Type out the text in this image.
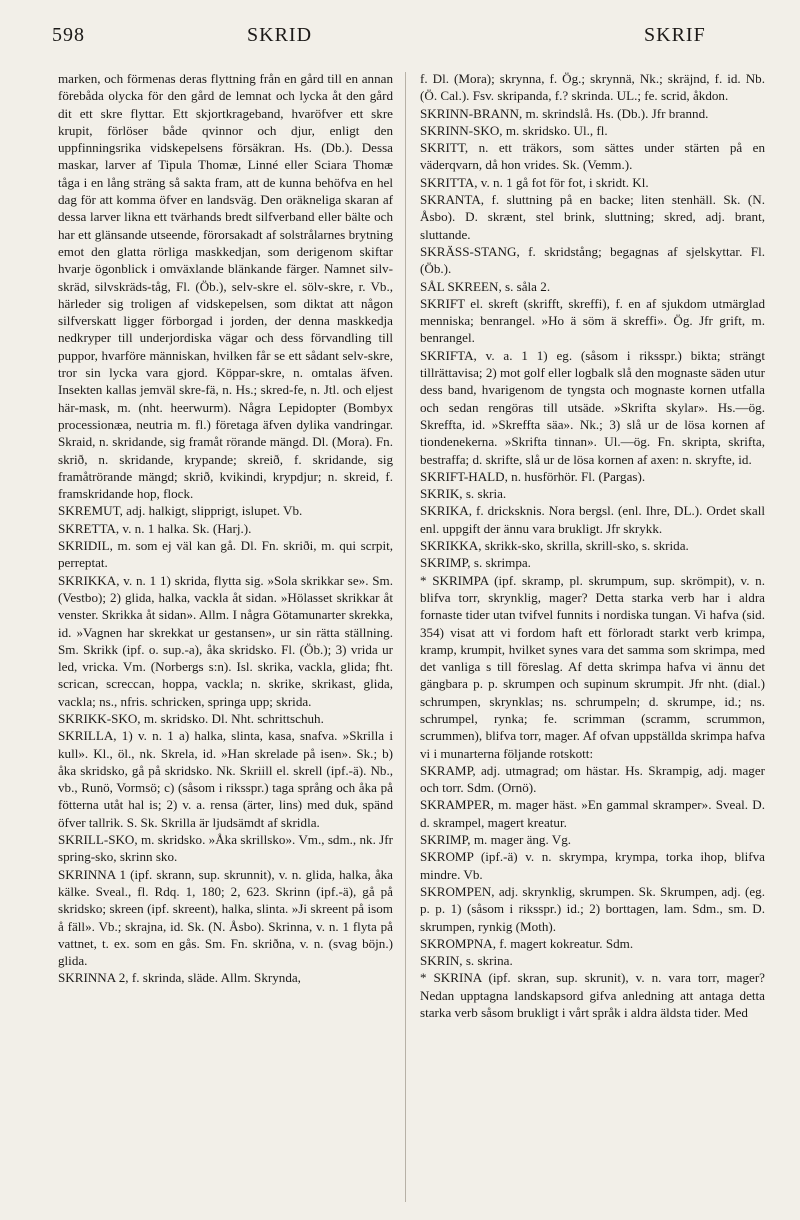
598	SKRID	SKRIF

marken, och förmenas deras flyttning från en gård till en annan förebåda olycka för den gård de lemnat och lycka åt den gård dit ett skre flyttar. Ett skjortkrageband, hvaröfver ett skre krupit, förlöser både qvinnor och djur, enligt den uppfinningsrika vidskepelsens försäkran. Hs. (Db.). Dessa maskar, larver af Tipula Thomæ, Linné eller Sciara Thomæ tåga i en lång sträng så sakta fram, att de kunna behöfva en hel dag för att komma öfver en landsväg. Den oräkneliga skaran af dessa larver likna ett tvärhands bredt silfverband eller bälte och har ett glänsande utseende, förorsakadt af solstrålarnes brytning emot den glatta rörliga maskkedjan, som derigenom skiftar hvarje ögonblick i omväxlande blänkande färger. Namnet silv-skräd, silvskräds-tåg, Fl. (Öb.), selv-skre el. sölv-skre, r. Vb., härleder sig troligen af vidskepelsen, som diktat att någon silfverskatt ligger förborgad i jorden, der denna maskkedja nedkryper till underjordiska vägar och dess förvandling till puppor, hvarföre människan, hvilken får se ett sådant selv-skre, tror sin lycka vara gjord. Köppar-skre, n. omtalas äfven. Insekten kallas jemväl skre-fä, n. Hs.; skred-fe, n. Jtl. och eljest här-mask, m. (nht. heerwurm). Några Lepidopter (Bombyx processionæa, neutria m. fl.) företaga äfven dylika vandringar. Skraid, n. skridande, sig framåt rörande mängd. Dl. (Mora). Fn. skrið, n. skridande, krypande; skreið, f. skridande, sig framåtrörande mängd; skrið, kvikindi, krypdjur; n. skreid, f. framskridande hop, flock.

SKREMUT, adj. halkigt, slipprigt, islupet. Vb.

SKRETTA, v. n. 1 halka. Sk. (Harj.).

SKRIDIL, m. som ej väl kan gå. Dl. Fn. skriði, m. qui scrpit, perreptat.

SKRIKKA, v. n. 1 1) skrida, flytta sig. »Sola skrikkar se». Sm. (Vestbo); 2) glida, halka, vackla åt sidan. »Hölasset skrikkar åt venster. Skrikka åt sidan». Allm. I några Götamunarter skrekka, id. »Vagnen har skrekkat ur gestansen», ur sin rätta ställning. Sm. Skrikk (ipf. o. sup.-a), åka skridsko. Fl. (Öb.); 3) vrida ur led, vricka. Vm. (Norbergs s:n). Isl. skrika, vackla, glida; fht. scrican, screccan, hoppa, vackla; n. skrike, skrikast, glida, vackla; ns., nfris. schricken, springa upp; skrida.

SKRIKK-SKO, m. skridsko. Dl. Nht. schrittschuh.

SKRILLA, 1) v. n. 1 a) halka, slinta, kasa, snafva. »Skrilla i kull». Kl., öl., nk. Skrela, id. »Han skrelade på isen». Sk.; b) åka skridsko, gå på skridsko. Nk. Skriill el. skrell (ipf.-ä). Nb., vb., Runö, Vormsö; c) (såsom i riksspr.) taga språng och åka på fötterna utåt hal is; 2) v. a. rensa (ärter, lins) med duk, spänd öfver tallrik. S. Sk. Skrilla är ljudsämdt af skridla.

SKRILL-SKO, m. skridsko. »Åka skrillsko». Vm., sdm., nk. Jfr spring-sko, skrinn sko.

SKRINNA 1 (ipf. skrann, sup. skrunnit), v. n. glida, halka, åka kälke. Sveal., fl. Rdq. 1, 180; 2, 623. Skrinn (ipf.-ä), gå på skridsko; skreen (ipf. skreent), halka, slinta. »Ji skreent på isom å fäll». Vb.; skrajna, id. Sk. (N. Åsbo). Skrinna, v. n. 1 flyta på vattnet, t. ex. som en gås. Sm. Fn. skriðna, v. n. (svag böjn.) glida.

SKRINNA 2, f. skrinda, släde. Allm. Skrynda,

f. Dl. (Mora); skrynna, f. Ög.; skrynnä, Nk.; skräjnd, f. id. Nb. (Ö. Cal.). Fsv. skripanda, f.? skrinda. UL.; fe. scrid, åkdon.

SKRINN-BRANN, m. skrindslå. Hs. (Db.). Jfr brannd.

SKRINN-SKO, m. skridsko. Ul., fl.

SKRITT, n. ett träkors, som sättes under stärten på en väderqvarn, då hon vrides. Sk. (Vemm.).

SKRITTA, v. n. 1 gå fot för fot, i skridt. Kl.

SKRANTA, f. sluttning på en backe; liten stenhäll. Sk. (N. Åsbo). D. skrænt, stel brink, sluttning; skred, adj. brant, sluttande.

SKRÄSS-STANG, f. skridstång; begagnas af sjelskyttar. Fl. (Öb.).

SÅL SKREEN, s. såla 2.

SKRIFT el. skreft (skrifft, skreffi), f. en af sjukdom utmärglad menniska; benrangel. »Ho ä söm ä skreffi». Ög. Jfr grift, m. benrangel.

SKRIFTA, v. a. 1 1) eg. (såsom i riksspr.) bikta; strängt tillrättavisa; 2) mot golf eller logbalk slå den mognaste säden utur dess band, hvarigenom de tyngsta och mognaste kornen utfalla och sedan rengöras till utsäde. »Skrifta skylar». Hs.—ög. Skreffta, id. »Skreffta säa». Nk.; 3) slå ur de lösa kornen af tiondenekerna. »Skrifta tinnan». Ul.—ög. Fn. skripta, skrifta, bestraffa; d. skrifte, slå ur de lösa kornen af axen: n. skryfte, id.

SKRIFT-HALD, n. husförhör. Fl. (Pargas).

SKRIK, s. skria.

SKRIKA, f. dricksknis. Nora bergsl. (enl. Ihre, DL.). Ordet skall enl. uppgift der ännu vara brukligt. Jfr skrykk.

SKRIKKA, skrikk-sko, skrilla, skrill-sko, s. skrida.

SKRIMP, s. skrimpa.

* SKRIMPA (ipf. skramp, pl. skrumpum, sup. skrömpit), v. n. blifva torr, skrynklig, mager? Detta starka verb har i aldra fornaste tider utan tvifvel funnits i nordiska tungan. Vi hafva (sid. 354) visat att vi fordom haft ett förloradt starkt verb krimpa, kramp, krumpit, hvilket synes vara det samma som skrimpa, med det vanliga s till föreslag. Af detta skrimpa hafva vi ännu det gängbara p. p. skrumpen och supinum skrumpit. Jfr nht. (dial.) schrumpen, skrynklas; ns. schrumpeln; d. skrumpe, id.; ns. schrumpel, rynka; fe. scrimman (scramm, scrummon, scrummen), blifva torr, mager. Af ofvan uppställda skrimpa hafva vi i munarterna följande rotskott:

SKRAMP, adj. utmagrad; om hästar. Hs. Skrampig, adj. mager och torr. Sdm. (Ornö).

SKRAMPER, m. mager häst. »En gammal skramper». Sveal. D. d. skrampel, magert kreatur.

SKRIMP, m. mager äng. Vg.

SKROMP (ipf.-ä) v. n. skrympa, krympa, torka ihop, blifva mindre. Vb.

SKROMPEN, adj. skrynklig, skrumpen. Sk. Skrumpen, adj. (eg. p. p. 1) (såsom i riksspr.) id.; 2) borttagen, lam. Sdm., sm. D. skrumpen, rynkig (Moth).

SKROMPNA, f. magert kokreatur. Sdm.

SKRIN, s. skrina.

* SKRINA (ipf. skran, sup. skrunit), v. n. vara torr, mager? Nedan upptagna landskapsord gifva anledning att antaga detta starka verb såsom brukligt i vårt språk i aldra äldsta tider. Med
